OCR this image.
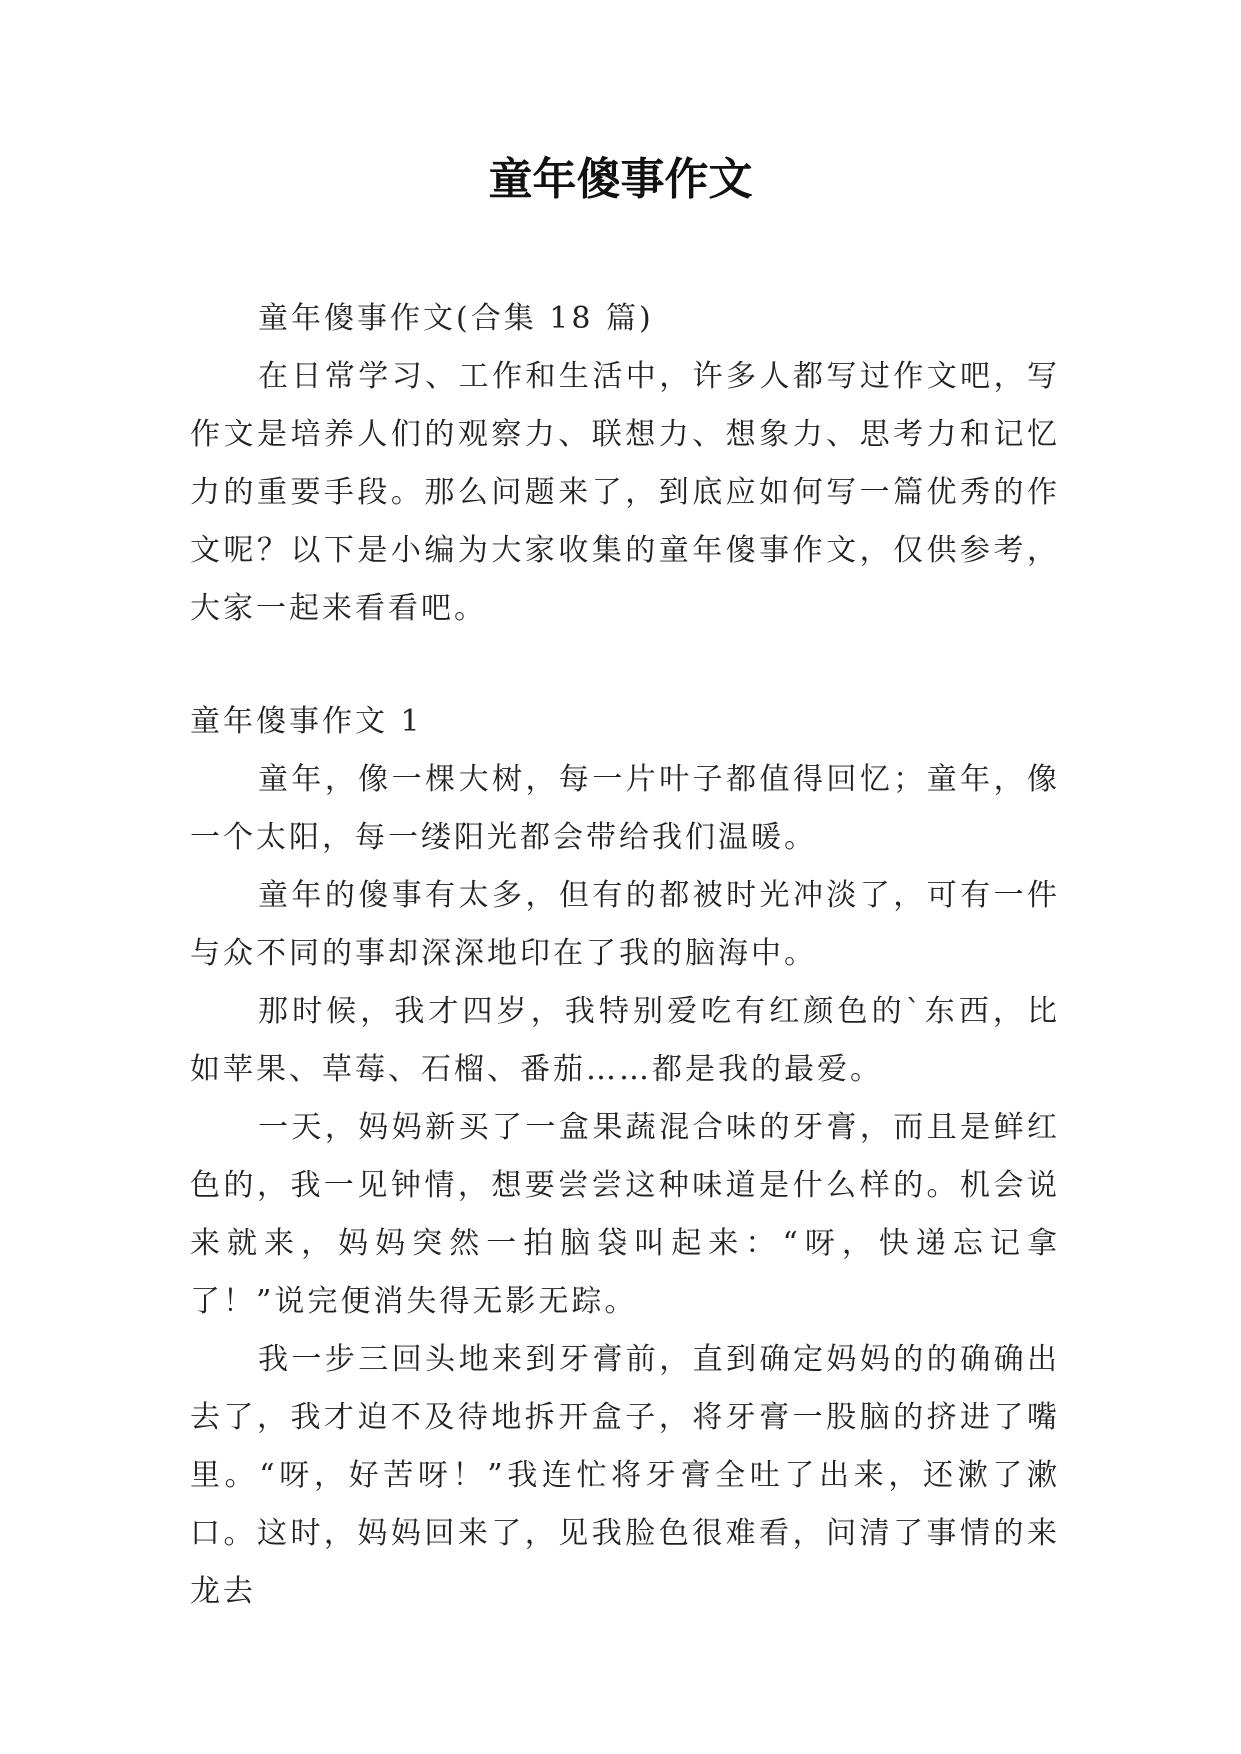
童年傻事作文

童年傻事作文(合集 18 篇)

在日常学习、工作和生活中，许多人都写过作文吧，写作文是培养人们的观察力、联想力、想象力、思考力和记忆力的重要手段。那么问题来了，到底应如何写一篇优秀的作文呢？以下是小编为大家收集的童年傻事作文，仅供参考，大家一起来看看吧。

童年傻事作文 1

童年，像一棵大树，每一片叶子都值得回忆；童年，像一个太阳，每一缕阳光都会带给我们温暖。

童年的傻事有太多，但有的都被时光冲淡了，可有一件与众不同的事却深深地印在了我的脑海中。

那时候，我才四岁，我特别爱吃有红颜色的`东西，比如苹果、草莓、石榴、番茄……都是我的最爱。

一天，妈妈新买了一盒果蔬混合味的牙膏，而且是鲜红色的，我一见钟情，想要尝尝这种味道是什么样的。机会说来就来，妈妈突然一拍脑袋叫起来：“呀，快递忘记拿了！”说完便消失得无影无踪。

我一步三回头地来到牙膏前，直到确定妈妈的的确确出去了，我才迫不及待地拆开盒子，将牙膏一股脑的挤进了嘴里。“呀，好苦呀！”我连忙将牙膏全吐了出来，还漱了漱口。这时，妈妈回来了，见我脸色很难看，问清了事情的来龙去
